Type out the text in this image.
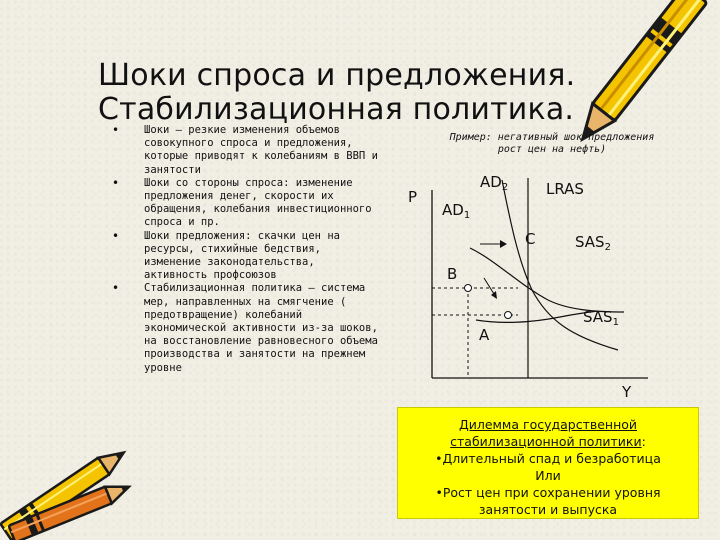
Шоки спроса и предложения.
Стабилизационная политика.
• Шоки – резкие изменения объемов совокупного спроса и предложения, которые приводят к колебаниям в ВВП и занятости
• Шоки со стороны спроса: изменение предложения денег, скорости их обращения, колебания инвестиционного спроса и пр.
• Шоки предложения: скачки цен на ресурсы, стихийные бедствия, изменение законодательства, активность профсоюзов
• Стабилизационная политика – система мер, направленных на смягчение ( предотвращение) колебаний экономической активности из-за шоков, на восстановление равновесного объема производства и занятости на прежнем уровне
Пример: негативный шок предложения
рост цен на нефть)
P
$AD_2$
$AD_1$
LRAS
C	$SAS_2$
B
$SAS_1$
A
Y
Дилемма государственной
стабилизационной политики:
•Длительный спад и безработица
Или
•Рост цен при сохранении уровня
занятости и выпуска
